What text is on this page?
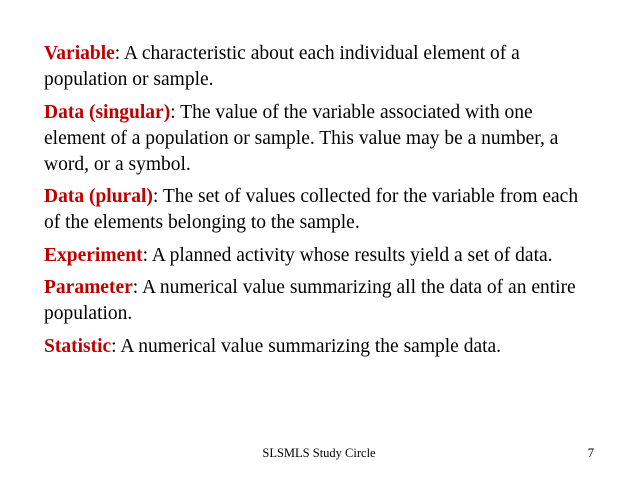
Variable: A characteristic about each individual element of a population or sample.

Data (singular): The value of the variable associated with one element of a population or sample. This value may be a number, a word, or a symbol.

Data (plural): The set of values collected for the variable from each of the elements belonging to the sample.

Experiment: A planned activity whose results yield a set of data.

Parameter: A numerical value summarizing all the data of an entire population.

Statistic: A numerical value summarizing the sample data.

SLSMLS Study Circle	7
